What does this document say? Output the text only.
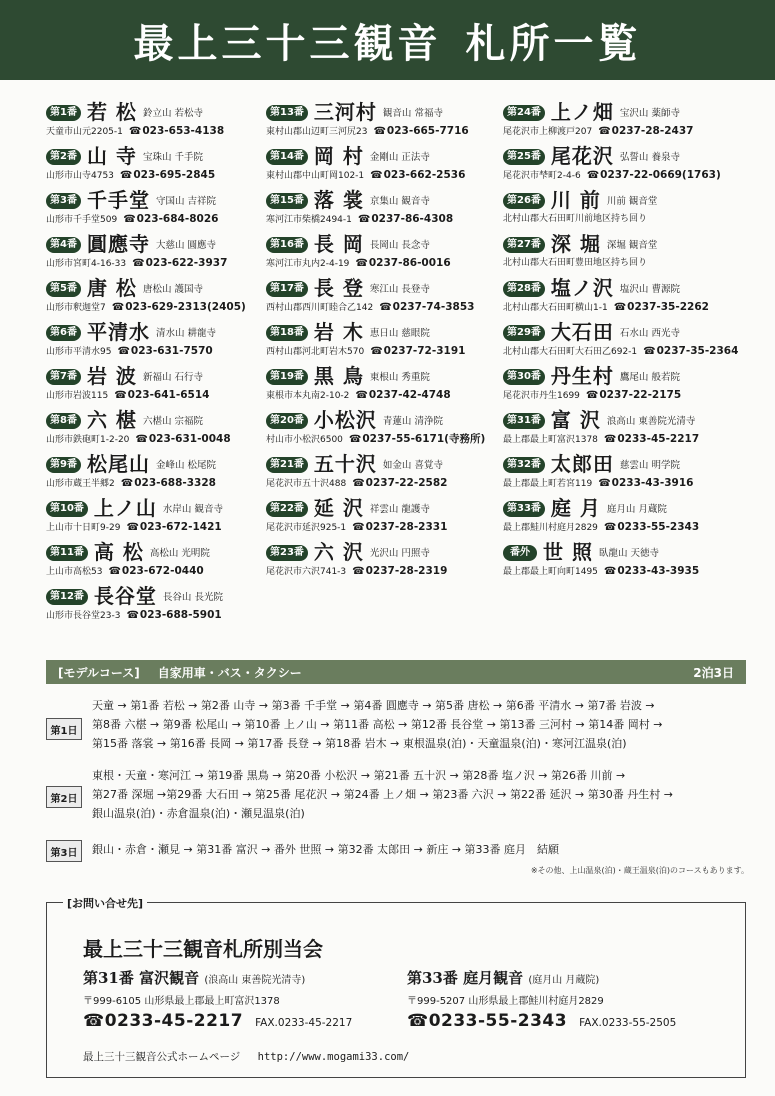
最上三十三観音 札所一覧
第1番 若 松 鈴立山 若松寺
天童市山元2205-1 ☎023-653-4138
第2番 山 寺 宝珠山 千手院
山形市山寺4753 ☎023-695-2845
第3番 千手堂 守国山 吉祥院
山形市千手堂509 ☎023-684-8026
第4番 圓應寺 大慈山 圓應寺
山形市宮町4-16-33 ☎023-622-3937
第5番 唐 松 唐松山 護国寺
山形市釈迦堂7 ☎023-629-2313(2405)
第6番 平清水 清水山 耕龍寺
山形市平清水95 ☎023-631-7570
第7番 岩 波 新福山 石行寺
山形市岩波115 ☎023-641-6514
第8番 六 椹 六椹山 宗福院
山形市鉄砲町1-2-20 ☎023-631-0048
第9番 松尾山 金峰山 松尾院
山形市蔵王半郷2 ☎023-688-3328
第10番 上ノ山 水岸山 観音寺
上山市十日町9-29 ☎023-672-1421
第11番 高 松 高松山 光明院
上山市高松53 ☎023-672-0440
第12番 長谷堂 長谷山 長光院
山形市長谷堂23-3 ☎023-688-5901
第13番 三河村 観音山 常福寺
東村山郡山辺町三河尻23 ☎023-665-7716
第14番 岡 村 金剛山 正法寺
東村山郡中山町岡102-1 ☎023-662-2536
第15番 落 裳 京集山 観音寺
寒河江市柴橋2494-1 ☎0237-86-4308
第16番 長 岡 長岡山 長念寺
寒河江市丸内2-4-19 ☎0237-86-0016
第17番 長 登 寒江山 長登寺
西村山郡西川町睦合乙142 ☎0237-74-3853
第18番 岩 木 恵日山 慈眼院
西村山郡河北町岩木570 ☎0237-72-3191
第19番 黒 鳥 東根山 秀重院
東根市本丸南2-10-2 ☎0237-42-4748
第20番 小松沢 青蓮山 清浄院
村山市小松沢6500 ☎0237-55-6171(寺務所)
第21番 五十沢 如金山 喜覚寺
尾花沢市五十沢488 ☎0237-22-2582
第22番 延 沢 祥雲山 龍護寺
尾花沢市延沢925-1 ☎0237-28-2331
第23番 六 沢 光沢山 円照寺
尾花沢市六沢741-3 ☎0237-28-2319
第24番 上ノ畑 宝沢山 薬師寺
尾花沢市上柳渡戸207 ☎0237-28-2437
第25番 尾花沢 弘誓山 養泉寺
尾花沢市梺町2-4-6 ☎0237-22-0669(1763)
第26番 川 前 川前 観音堂
北村山郡大石田町川前地区持ち回り
第27番 深 堀 深堀 観音堂
北村山郡大石田町豊田地区持ち回り
第28番 塩ノ沢 塩沢山 曹源院
北村山郡大石田町横山1-1 ☎0237-35-2262
第29番 大石田 石水山 西光寺
北村山郡大石田町大石田乙692-1 ☎0237-35-2364
第30番 丹生村 鷹尾山 般若院
尾花沢市丹生1699 ☎0237-22-2175
第31番 富 沢 浪高山 東善院光清寺
最上郡最上町富沢1378 ☎0233-45-2217
第32番 太郎田 慈雲山 明学院
最上郡最上町若宮119 ☎0233-43-3916
第33番 庭 月 庭月山 月蔵院
最上郡鮭川村庭月2829 ☎0233-55-2343
番外 世 照 臥龍山 天徳寺
最上郡最上町向町1495 ☎0233-43-3935
[モデルコース] 自家用車・バス・タクシー	2泊3日
第1日
天童 → 第1番 若松 → 第2番 山寺 → 第3番 千手堂 → 第4番 圓應寺 → 第5番 唐松 → 第6番 平清水 → 第7番 岩波 →
第8番 六椹 → 第9番 松尾山 → 第10番 上ノ山 → 第11番 高松 → 第12番 長谷堂 → 第13番 三河村 → 第14番 岡村 →
第15番 落裳 → 第16番 長岡 → 第17番 長登 → 第18番 岩木 → 東根温泉(泊)・天童温泉(泊)・寒河江温泉(泊)
第2日
東根・天童・寒河江 → 第19番 黒鳥 → 第20番 小松沢 → 第21番 五十沢 → 第28番 塩ノ沢 → 第26番 川前 →
第27番 深堀 →第29番 大石田 → 第25番 尾花沢 → 第24番 上ノ畑 → 第23番 六沢 → 第22番 延沢 → 第30番 丹生村 →
銀山温泉(泊)・赤倉温泉(泊)・瀬見温泉(泊)
第3日	銀山・赤倉・瀬見 → 第31番 富沢 → 番外 世照 → 第32番 太郎田 → 新庄 → 第33番 庭月　結願
※その他、上山温泉(泊)・蔵王温泉(泊)のコースもあります。
[お問い合せ先]
最上三十三観音札所別当会
第31番 富沢観音 (浪高山 東善院光清寺)
〒999-6105 山形県最上郡最上町富沢1378
☎0233-45-2217 FAX.0233-45-2217
第33番 庭月観音 (庭月山 月蔵院)
〒999-5207 山形県最上郡鮭川村庭月2829
☎0233-55-2343 FAX.0233-55-2505
最上三十三観音公式ホームページ http://www.mogami33.com/
